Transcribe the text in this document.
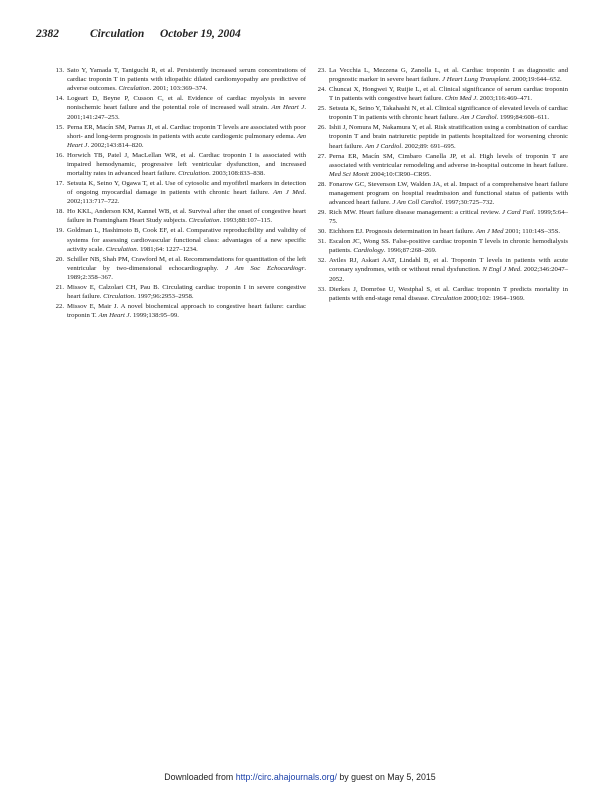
2382	Circulation October 19, 2004
13. Sato Y, Yamada T, Taniguchi R, et al. Persistently increased serum concentrations of cardiac troponin T in patients with idiopathic dilated cardiomyopathy are predictive of adverse outcomes. Circulation. 2001; 103:369–374.
14. Logeart D, Beyne P, Cusson C, et al. Evidence of cardiac myolysis in severe nonischemic heart failure and the potential role of increased wall strain. Am Heart J. 2001;141:247–253.
15. Perna ER, Macín SM, Parras JI, et al. Cardiac troponin T levels are associated with poor short- and long-term prognosis in patients with acute cardiogenic pulmonary edema. Am Heart J. 2002;143:814–820.
16. Horwich TB, Patel J, MacLellan WR, et al. Cardiac troponin I is associated with impaired hemodynamic, progressive left ventricular dysfunction, and increased mortality rates in advanced heart failure. Circulation. 2003;108:833–838.
17. Setsuta K, Seino Y, Ogawa T, et al. Use of cytosolic and myofibril markers in detection of ongoing myocardial damage in patients with chronic heart failure. Am J Med. 2002;113:717–722.
18. Ho KKL, Anderson KM, Kannel WB, et al. Survival after the onset of congestive heart failure in Framingham Heart Study subjects. Circulation. 1993;88:107–115.
19. Goldman L, Hashimoto B, Cook EF, et al. Comparative reproducibility and validity of systems for assessing cardiovascular functional class: advantages of a new specific activity scale. Circulation. 1981;64: 1227–1234.
20. Schiller NB, Shah PM, Crawford M, et al. Recommendations for quantitation of the left ventricular by two-dimensional echocardiography. J Am Soc Echocardiogr. 1989;2:358–367.
21. Missov E, Calzolari CH, Pau B. Circulating cardiac troponin I in severe congestive heart failure. Circulation. 1997;96:2953–2958.
22. Missov E, Mair J. A novel biochemical approach to congestive heart failure: cardiac troponin T. Am Heart J. 1999;138:95–99.
23. La Vecchia L, Mezzena G, Zanolla L, et al. Cardiac troponin I as diagnostic and prognostic marker in severe heart failure. J Heart Lung Transplant. 2000;19:644–652.
24. Chuncai X, Hongwei Y, Ruijie L, et al. Clinical significance of serum cardiac troponin T in patients with congestive heart failure. Chin Med J. 2003;116:469–471.
25. Setsuta K, Seino Y, Takahashi N, et al. Clinical significance of elevated levels of cardiac troponin T in patients with chronic heart failure. Am J Cardiol. 1999;84:608–611.
26. Ishii J, Nomura M, Nakamura Y, et al. Risk stratification using a combination of cardiac troponin T and brain natriuretic peptide in patients hospitalized for worsening chronic heart failure. Am J Cardiol. 2002;89: 691–695.
27. Perna ER, Macín SM, Cimbaro Canella JP, et al. High levels of troponin T are associated with ventricular remodeling and adverse in-hospital outcome in heart failure. Med Sci Monit 2004;10:CR90–CR95.
28. Fonarow GC, Stevenson LW, Walden JA, et al. Impact of a comprehensive heart failure management program on hospital readmission and functional status of patients with advanced heart failure. J Am Coll Cardiol. 1997;30:725–732.
29. Rich MW. Heart failure disease management: a critical review. J Card Fail. 1999;5:64–75.
30. Eichhorn EJ. Prognosis determination in heart failure. Am J Med 2001; 110:14S–35S.
31. Escalon JC, Wong SS. False-positive cardiac troponin T levels in chronic hemodialysis patients. Cardiology. 1996;87:268–269.
32. Aviles RJ, Askari AAT, Lindahl B, et al. Troponin T levels in patients with acute coronary syndromes, with or without renal dysfunction. N Engl J Med. 2002;346:2047–2052.
33. Dierkes J, Domröse U, Westphal S, et al. Cardiac troponin T predicts mortality in patients with end-stage renal disease. Circulation 2000;102: 1964–1969.
Downloaded from http://circ.ahajournals.org/ by guest on May 5, 2015
